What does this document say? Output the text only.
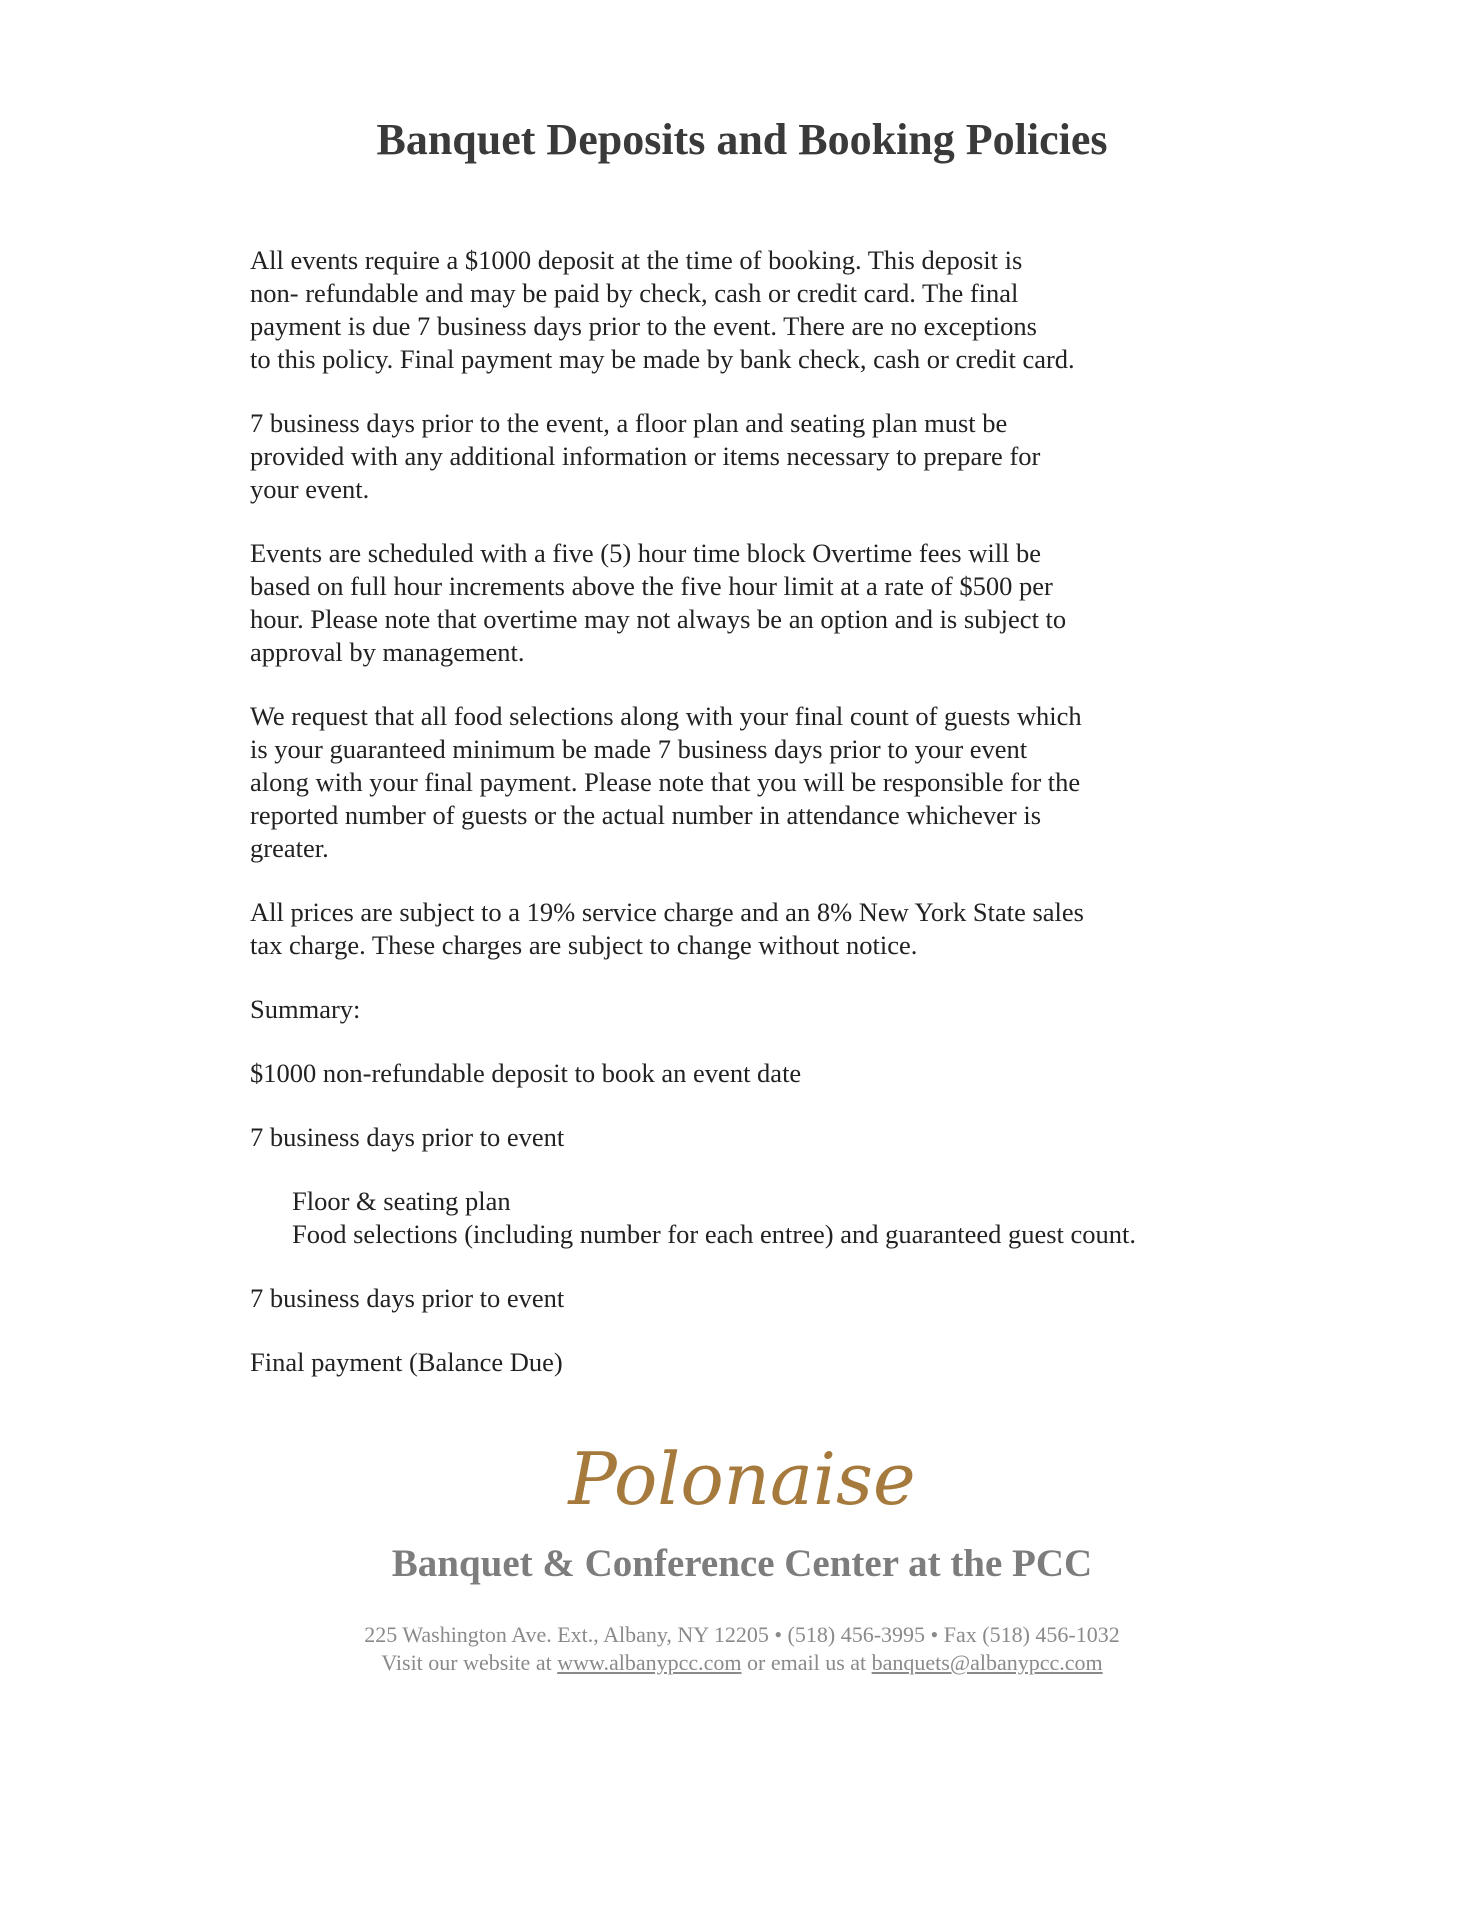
Banquet Deposits and Booking Policies
All events require a $1000 deposit at the time of booking. This deposit is
non- refundable and may be paid by check, cash or credit card. The final
payment is due 7 business days prior to the event. There are no exceptions
to this policy. Final payment may be made by bank check, cash or credit card.
7 business days prior to the event, a floor plan and seating plan must be
provided with any additional information or items necessary to prepare for
your event.
Events are scheduled with a five (5) hour time block Overtime fees will be
based on full hour increments above the five hour limit at a rate of $500 per
hour. Please note that overtime may not always be an option and is subject to
approval by management.
We request that all food selections along with your final count of guests which
is your guaranteed minimum be made 7 business days prior to your event
along with your final payment. Please note that you will be responsible for the
reported number of guests or the actual number in attendance whichever is
greater.
All prices are subject to a 19% service charge and an 8% New York State sales
tax charge. These charges are subject to change without notice.
Summary:
$1000 non-refundable deposit to book an event date
7 business days prior to event
Floor & seating plan
Food selections (including number for each entree) and guaranteed guest count.
7 business days prior to event
Final payment (Balance Due)
Polonaise
Banquet & Conference Center at the PCC
225 Washington Ave. Ext., Albany, NY 12205 • (518) 456-3995 • Fax (518) 456-1032
Visit our website at www.albanypcc.com or email us at banquets@albanypcc.com
